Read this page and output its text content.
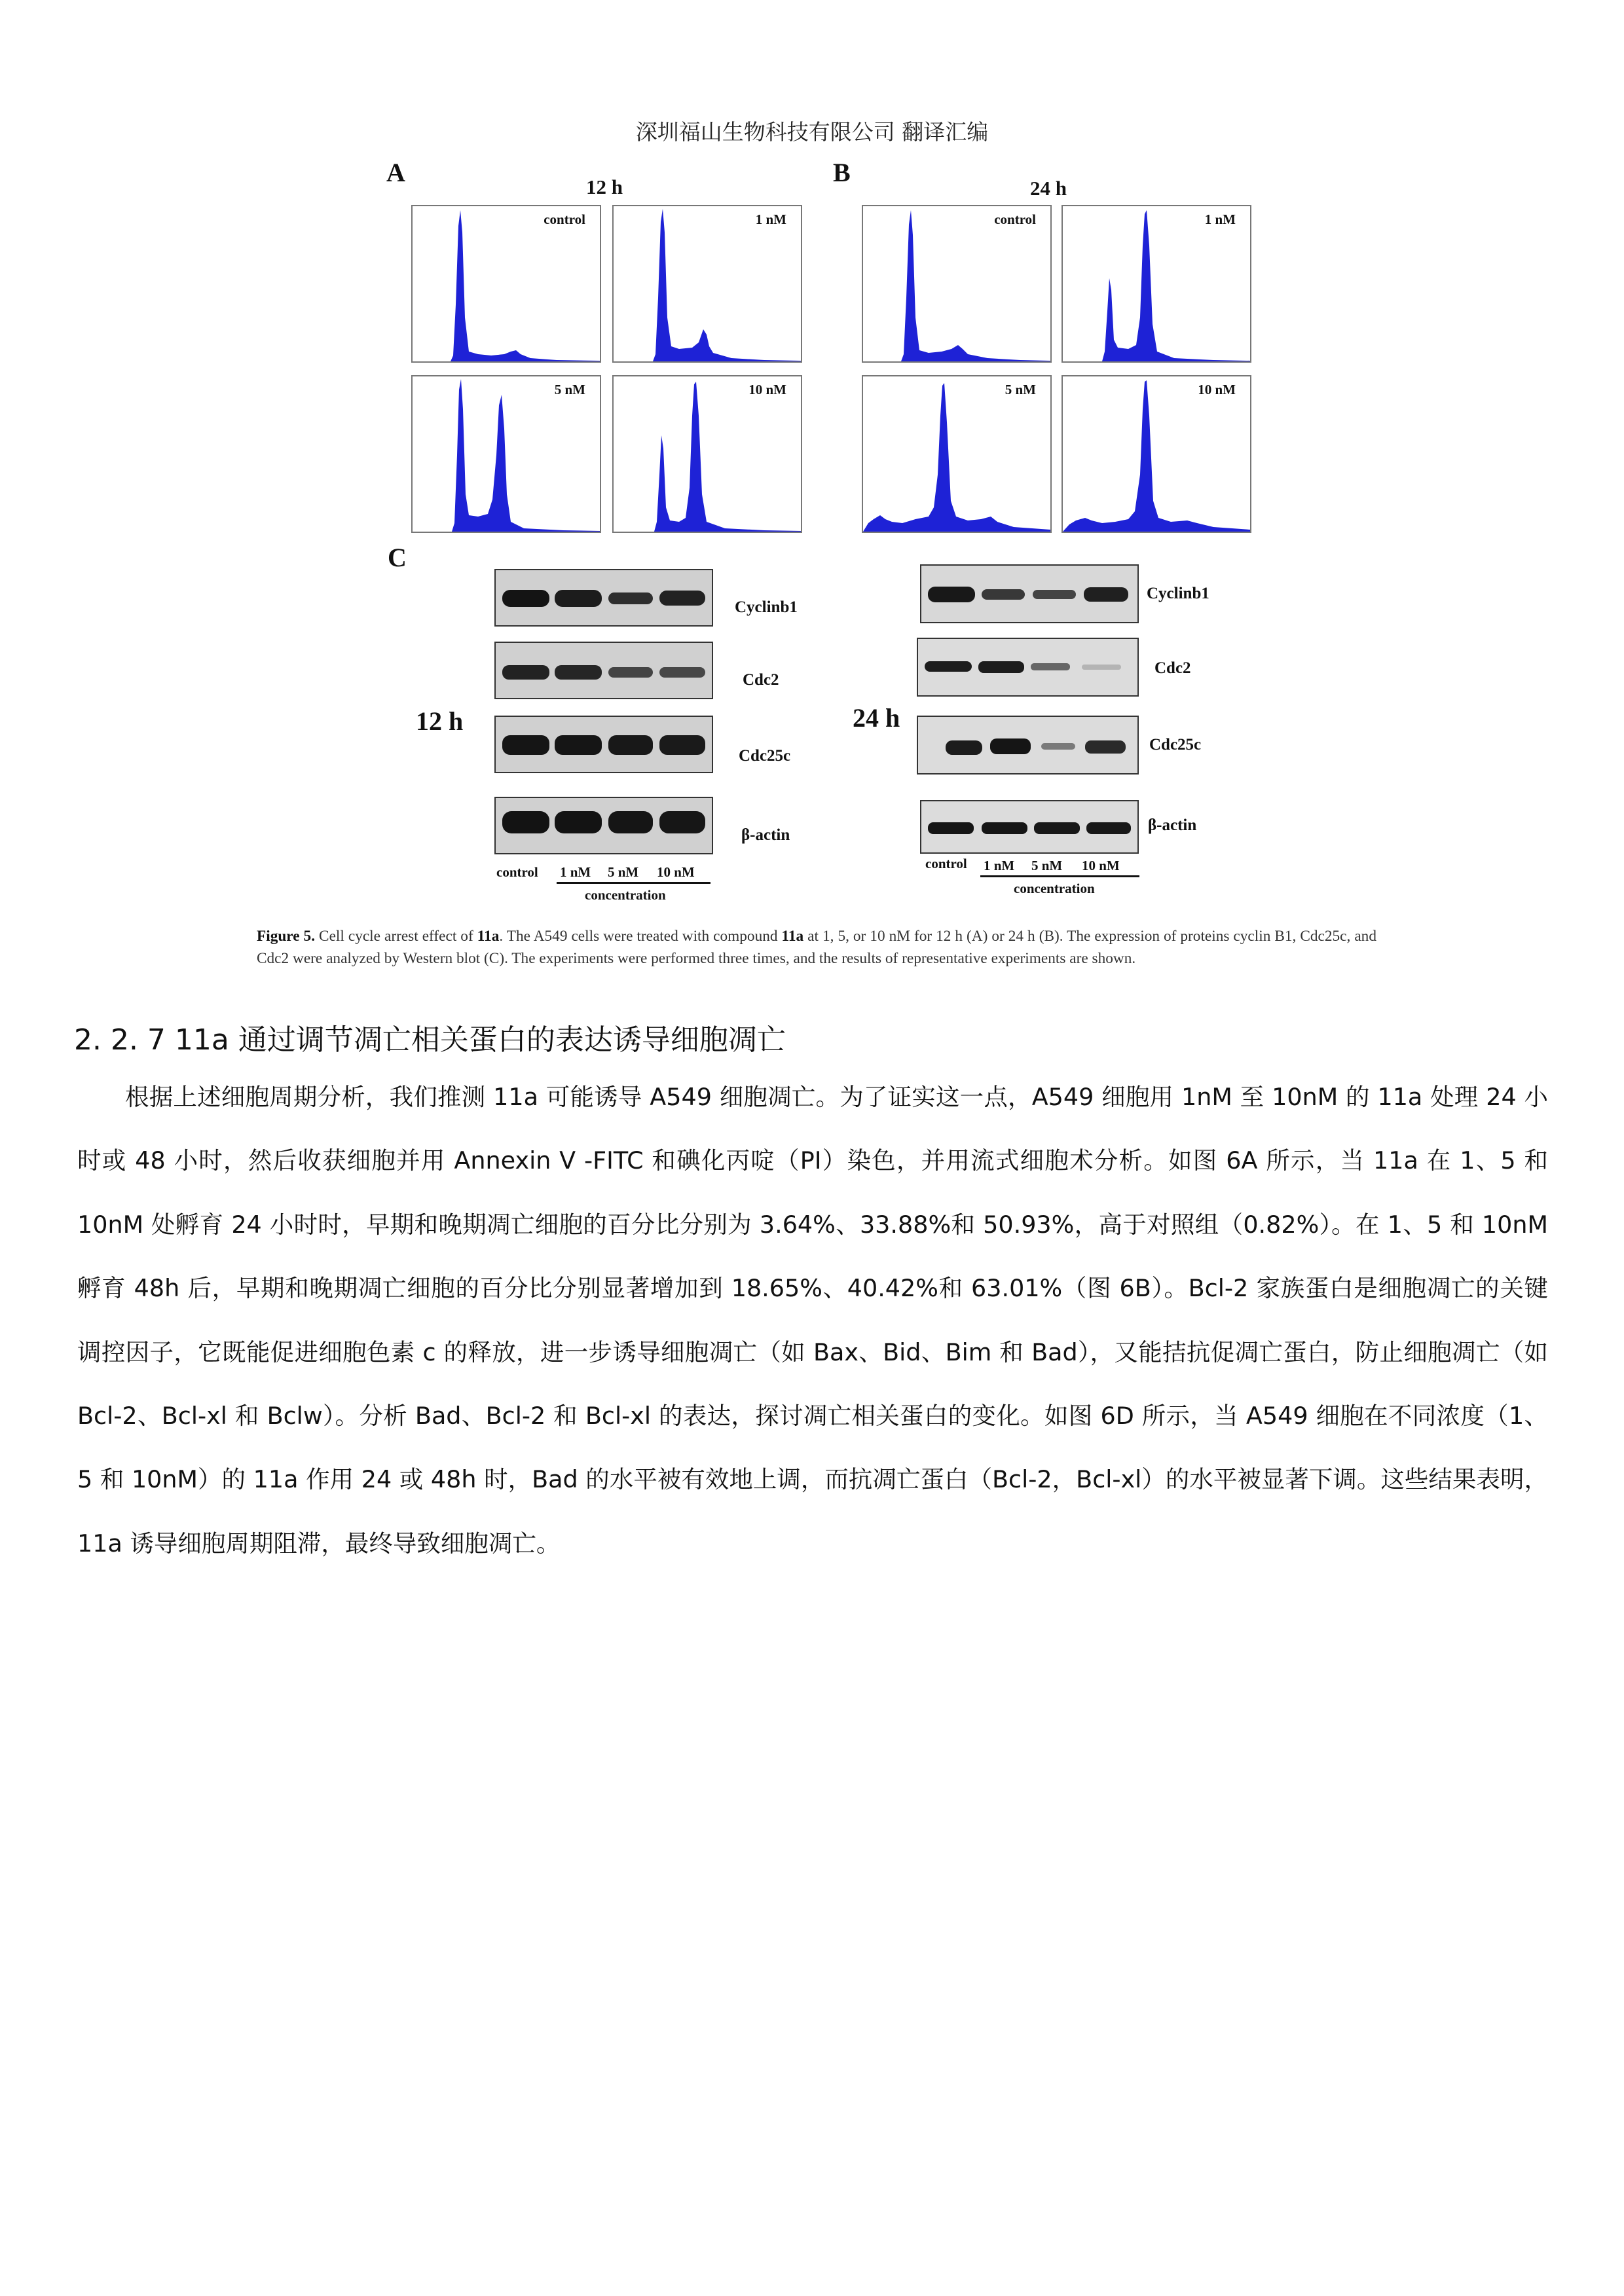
深圳福山生物科技有限公司 翻译汇编
A	12 h	B
24 h
C
control	1 nM
5 nM	10 nM
control	1 nM
5 nM	10 nM
12 h
Cyclinb1
Cdc2
Cdc25c
β-actin
control 1 nM 5 nM 10 nM
concentration
24 h
Cyclinb1
Cdc2
Cdc25c
β-actin
control 1 nM 5 nM 10 nM
concentration
Figure 5. Cell cycle arrest effect of 11a. The A549 cells were treated with compound 11a at 1, 5, or 10 nM for 12 h (A) or 24 h (B). The expression of proteins cyclin B1, Cdc25c, and Cdc2 were analyzed by Western blot (C). The experiments were performed three times, and the results of representative experiments are shown.
2. 2. 7 11a 通过调节凋亡相关蛋白的表达诱导细胞凋亡
根据上述细胞周期分析，我们推测 11a 可能诱导 A549 细胞凋亡。为了证实这一点，A549 细胞用 1nM 至 10nM 的 11a 处理 24 小时或 48 小时，然后收获细胞并用 Annexin V -FITC 和碘化丙啶（PI）染色，并用流式细胞术分析。如图 6A 所示，当 11a 在 1、5 和 10nM 处孵育 24 小时时，早期和晚期凋亡细胞的百分比分别为 3.64%、33.88%和 50.93%，高于对照组（0.82%）。在 1、5 和 10nM 孵育 48h 后，早期和晚期凋亡细胞的百分比分别显著增加到 18.65%、40.42%和 63.01%（图 6B）。Bcl-2 家族蛋白是细胞凋亡的关键调控因子，它既能促进细胞色素 c 的释放，进一步诱导细胞凋亡（如 Bax、Bid、Bim 和 Bad），又能拮抗促凋亡蛋白，防止细胞凋亡（如 Bcl-2、Bcl-xl 和 Bclw）。分析 Bad、Bcl-2 和 Bcl-xl 的表达，探讨凋亡相关蛋白的变化。如图 6D 所示，当 A549 细胞在不同浓度（1、5 和 10nM）的 11a 作用 24 或 48h 时，Bad 的水平被有效地上调，而抗凋亡蛋白（Bcl-2，Bcl-xl）的水平被显著下调。这些结果表明，11a 诱导细胞周期阻滞，最终导致细胞凋亡。
